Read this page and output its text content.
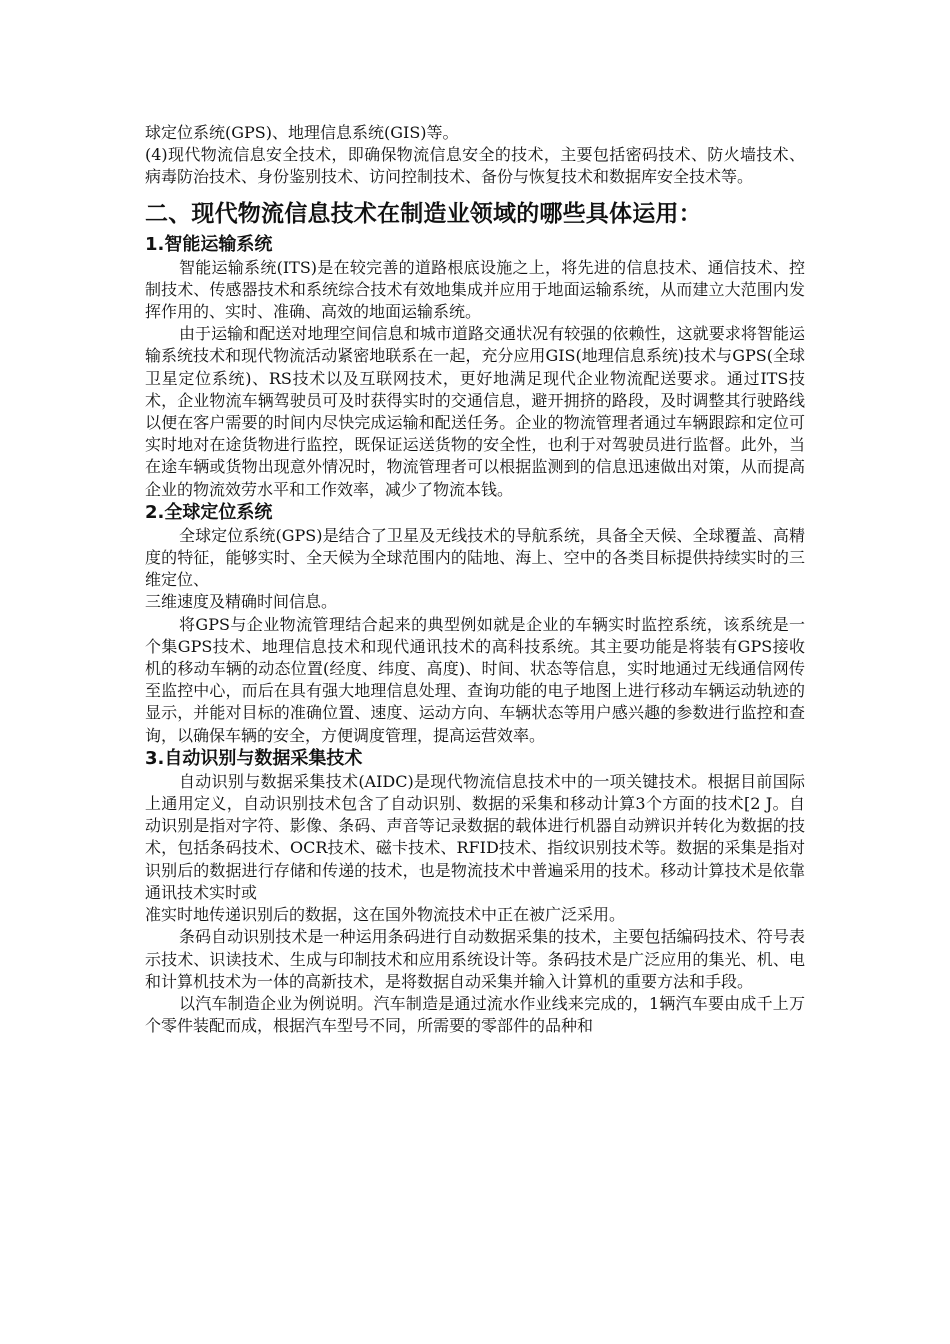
球定位系统(GPS)、地理信息系统(GIS)等。

(4)现代物流信息安全技术，即确保物流信息安全的技术，主要包括密码技术、防火墙技术、病毒防治技术、身份鉴别技术、访问控制技术、备份与恢复技术和数据库安全技术等。

二、现代物流信息技术在制造业领域的哪些具体运用：
1.智能运输系统

智能运输系统(ITS)是在较完善的道路根底设施之上，将先进的信息技术、通信技术、控制技术、传感器技术和系统综合技术有效地集成并应用于地面运输系统，从而建立大范围内发挥作用的、实时、准确、高效的地面运输系统。

由于运输和配送对地理空间信息和城市道路交通状况有较强的依赖性，这就要求将智能运输系统技术和现代物流活动紧密地联系在一起，充分应用GIS(地理信息系统)技术与GPS(全球卫星定位系统)、RS技术以及互联网技术，更好地满足现代企业物流配送要求。通过ITS技术，企业物流车辆驾驶员可及时获得实时的交通信息，避开拥挤的路段，及时调整其行驶路线以便在客户需要的时间内尽快完成运输和配送任务。企业的物流管理者通过车辆跟踪和定位可实时地对在途货物进行监控，既保证运送货物的安全性，也利于对驾驶员进行监督。此外，当在途车辆或货物出现意外情况时，物流管理者可以根据监测到的信息迅速做出对策，从而提高企业的物流效劳水平和工作效率，减少了物流本钱。

2.全球定位系统

全球定位系统(GPS)是结合了卫星及无线技术的导航系统，具备全天候、全球覆盖、高精度的特征，能够实时、全天候为全球范围内的陆地、海上、空中的各类目标提供持续实时的三维定位、

三维速度及精确时间信息。

将GPS与企业物流管理结合起来的典型例如就是企业的车辆实时监控系统，该系统是一个集GPS技术、地理信息技术和现代通讯技术的高科技系统。其主要功能是将装有GPS接收机的移动车辆的动态位置(经度、纬度、高度)、时间、状态等信息，实时地通过无线通信网传至监控中心，而后在具有强大地理信息处理、查询功能的电子地图上进行移动车辆运动轨迹的显示，并能对目标的准确位置、速度、运动方向、车辆状态等用户感兴趣的参数进行监控和查询，以确保车辆的安全，方便调度管理，提高运营效率。

3.自动识别与数据采集技术

自动识别与数据采集技术(AIDC)是现代物流信息技术中的一项关键技术。根据目前国际上通用定义，自动识别技术包含了自动识别、数据的采集和移动计算3个方面的技术[2 J。自动识别是指对字符、影像、条码、声音等记录数据的载体进行机器自动辨识并转化为数据的技术，包括条码技术、OCR技术、磁卡技术、RFID技术、指纹识别技术等。数据的采集是指对识别后的数据进行存储和传递的技术，也是物流技术中普遍采用的技术。移动计算技术是依靠通讯技术实时或

准实时地传递识别后的数据，这在国外物流技术中正在被广泛采用。

条码自动识别技术是一种运用条码进行自动数据采集的技术，主要包括编码技术、符号表示技术、识读技术、生成与印制技术和应用系统设计等。条码技术是广泛应用的集光、机、电和计算机技术为一体的高新技术，是将数据自动采集并输入计算机的重要方法和手段。

以汽车制造企业为例说明。汽车制造是通过流水作业线来完成的，1辆汽车要由成千上万个零件装配而成，根据汽车型号不同，所需要的零部件的品种和
